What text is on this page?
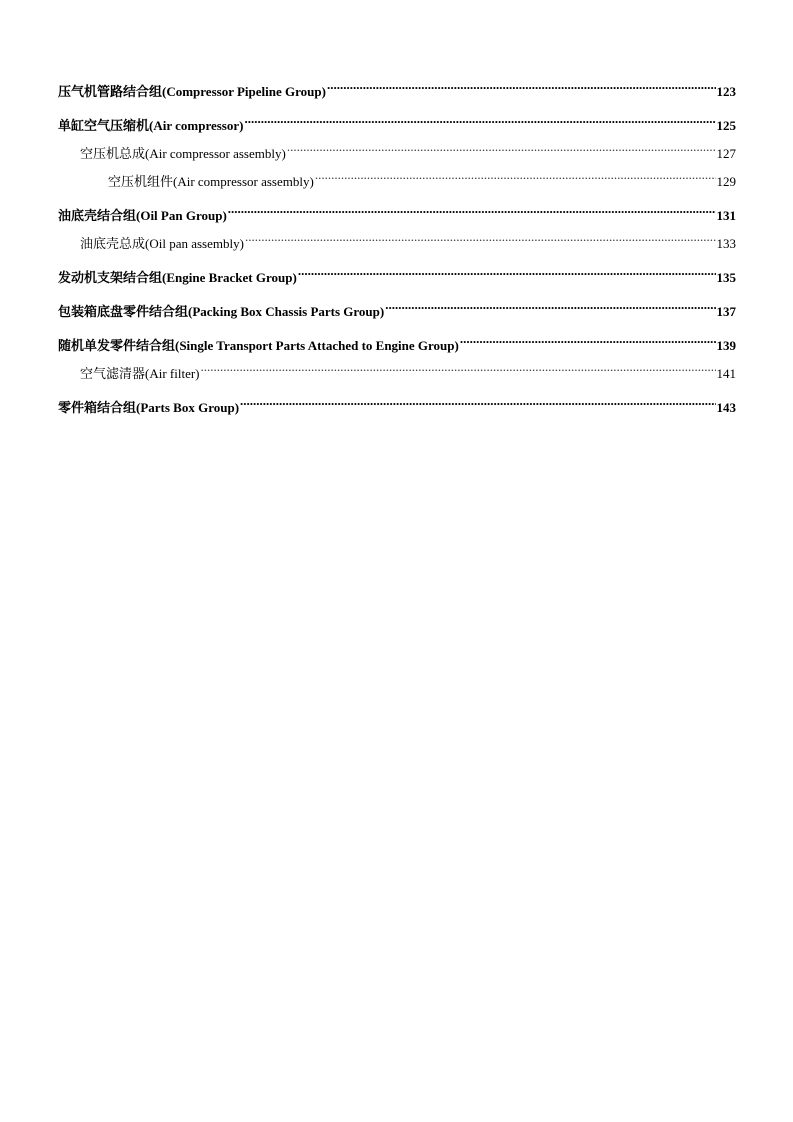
压气机管路结合组(Compressor Pipeline Group) .....	123
单缸空气压缩机(Air compressor) .....	125
空压机总成(Air compressor assembly) .....	127
空压机组件(Air compressor assembly) .....	129
油底壳结合组(Oil Pan Group) .....	131
油底壳总成(Oil pan assembly) .....	133
发动机支架结合组(Engine Bracket Group) .....	135
包装箱底盘零件结合组(Packing Box Chassis Parts Group) .....	137
随机单发零件结合组(Single Transport Parts Attached to Engine Group) .....	139
空气滤清器(Air filter) .....	141
零件箱结合组(Parts Box Group) .....	143
